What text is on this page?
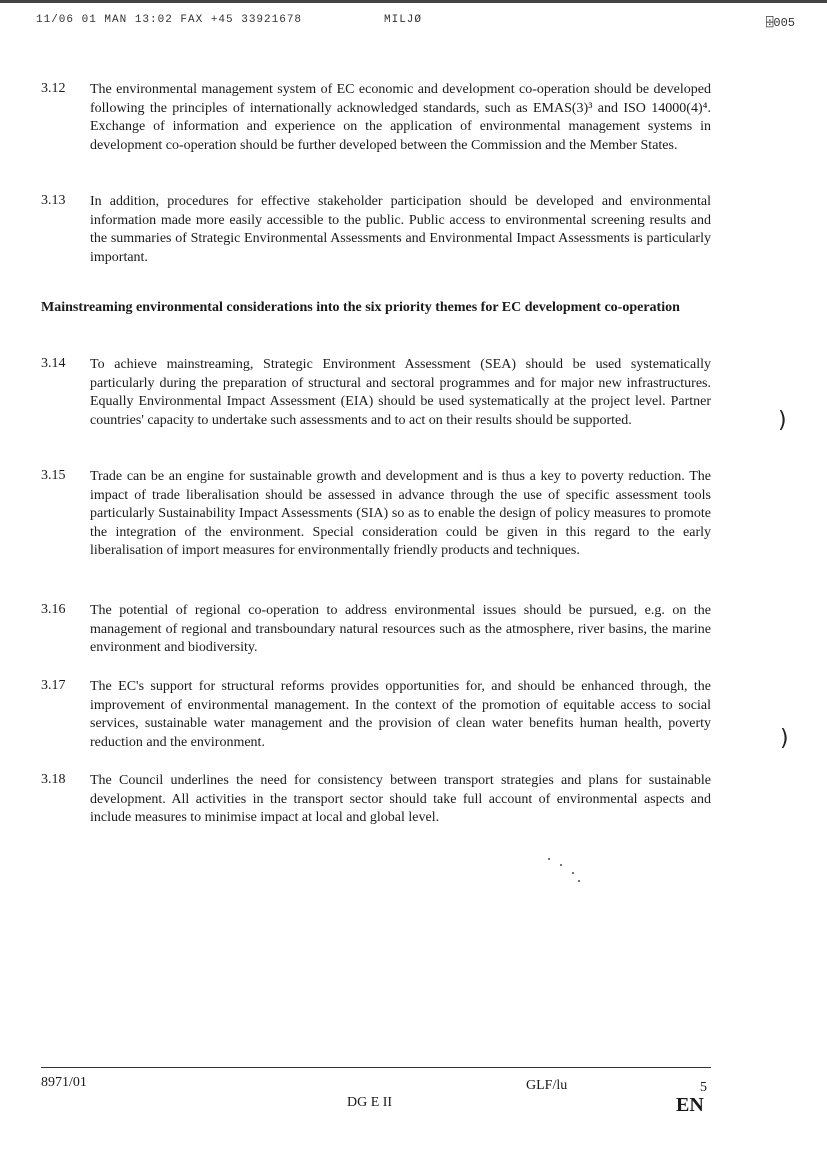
11/06 01 MAN 13:02 FAX +45 33921678	MILJØ	⌹005
3.12 The environmental management system of EC economic and development co-operation should be developed following the principles of internationally acknowledged standards, such as EMAS(3)³ and ISO 14000(4)⁴. Exchange of information and experience on the application of environmental management systems in development co-operation should be further developed between the Commission and the Member States.
3.13 In addition, procedures for effective stakeholder participation should be developed and environmental information made more easily accessible to the public. Public access to environmental screening results and the summaries of Strategic Environmental Assessments and Environmental Impact Assessments is particularly important.
Mainstreaming environmental considerations into the six priority themes for EC development co-operation
3.14 To achieve mainstreaming, Strategic Environment Assessment (SEA) should be used systematically particularly during the preparation of structural and sectoral programmes and for major new infrastructures. Equally Environmental Impact Assessment (EIA) should be used systematically at the project level. Partner countries' capacity to undertake such assessments and to act on their results should be supported.
3.15 Trade can be an engine for sustainable growth and development and is thus a key to poverty reduction. The impact of trade liberalisation should be assessed in advance through the use of specific assessment tools particularly Sustainability Impact Assessments (SIA) so as to enable the design of policy measures to promote the integration of the environment. Special consideration could be given in this regard to the early liberalisation of import measures for environmentally friendly products and techniques.
3.16 The potential of regional co-operation to address environmental issues should be pursued, e.g. on the management of regional and transboundary natural resources such as the atmosphere, river basins, the marine environment and biodiversity.
3.17 The EC's support for structural reforms provides opportunities for, and should be enhanced through, the improvement of environmental management. In the context of the promotion of equitable access to social services, sustainable water management and the provision of clean water benefits human health, poverty reduction and the environment.
3.18 The Council underlines the need for consistency between transport strategies and plans for sustainable development. All activities in the transport sector should take full account of environmental aspects and include measures to minimise impact at local and global level.
)
)
8971/01	GLF/lu	5
DG E II	EN
